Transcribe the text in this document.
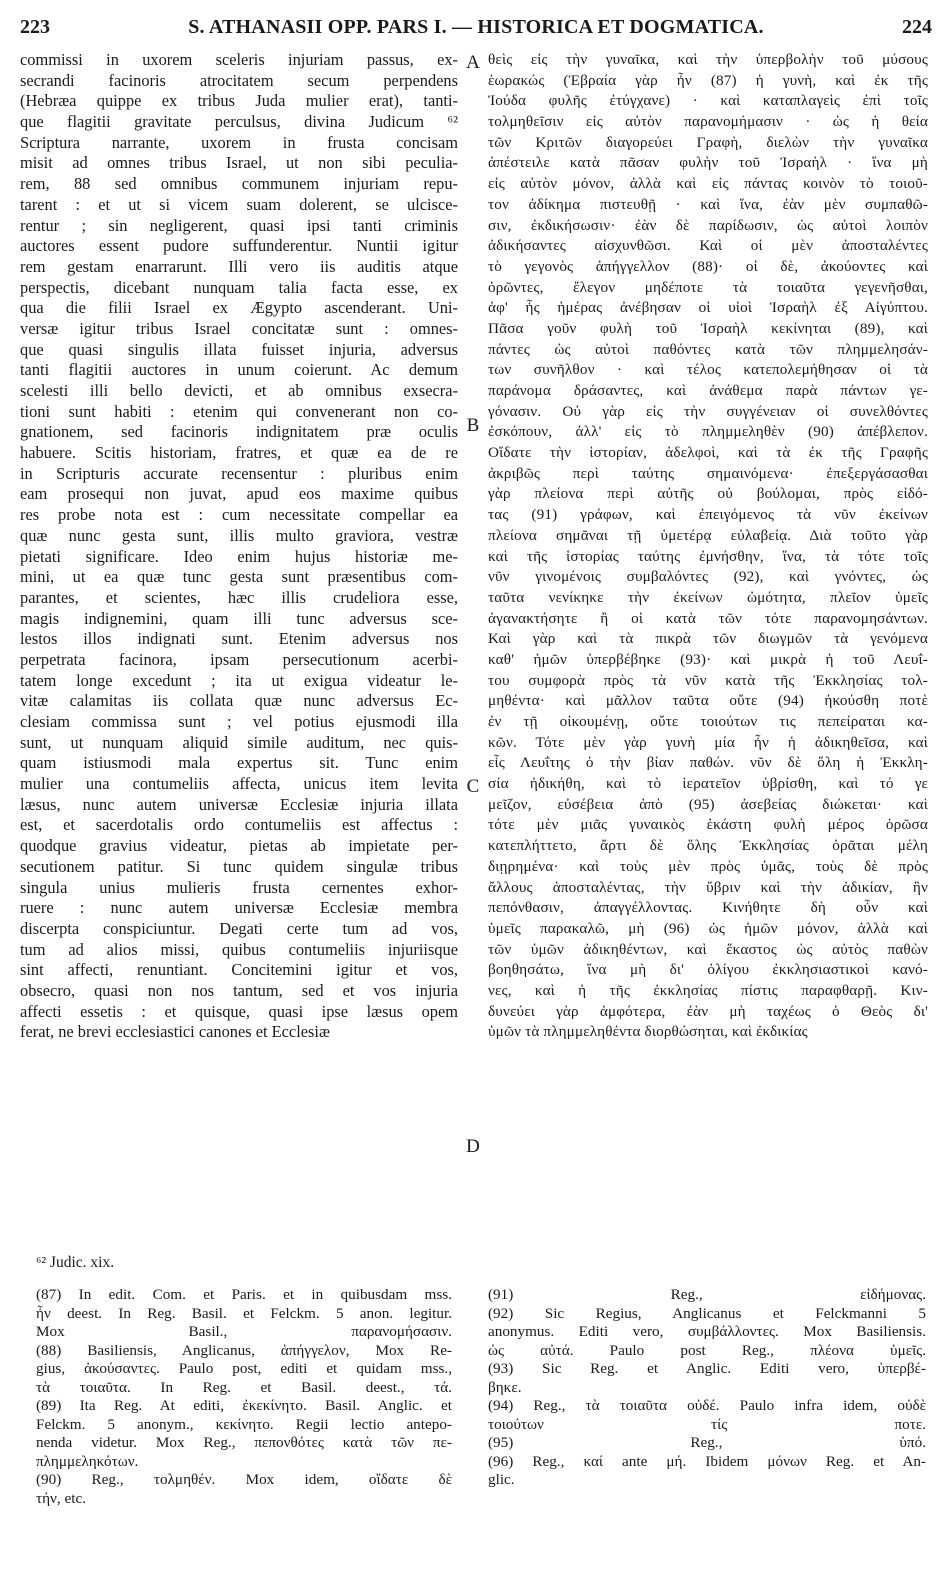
223	S. ATHANASII OPP. PARS I. — HISTORICA ET DOGMATICA.	224
commissi in uxorem sceleris injuriam passus, ex-
secrandi facinoris atrocitatem secum perpendens
(Hebræa quippe ex tribus Juda mulier erat), tanti-
que flagitii gravitate perculsus, divina Judicum ⁶²
Scriptura narrante, uxorem in frusta concisam
misit ad omnes tribus Israel, ut non sibi peculia-
rem, 88 sed omnibus communem injuriam repu-
tarent : et ut si vicem suam dolerent, se ulcisce-
rentur ; sin negligerent, quasi ipsi tanti criminis
auctores essent pudore suffunderentur. Nuntii igitur
rem gestam enarrarunt. Illi vero iis auditis atque
perspectis, dicebant nunquam talia facta esse, ex
qua die filii Israel ex Ægypto ascenderant. Uni-
versæ igitur tribus Israel concitatæ sunt : omnes-
que quasi singulis illata fuisset injuria, adversus
tanti flagitii auctores in unum coierunt. Ac demum
scelesti illi bello devicti, et ab omnibus exsecra-
tioni sunt habiti : etenim qui convenerant non co-
gnationem, sed facinoris indignitatem præ oculis
habuere. Scitis historiam, fratres, et quæ ea de re
in Scripturis accurate recensentur : pluribus enim
eam prosequi non juvat, apud eos maxime quibus
res probe nota est : cum necessitate compellar ea
quæ nunc gesta sunt, illis multo graviora, vestræ
pietati significare. Ideo enim hujus historiæ me-
mini, ut ea quæ tunc gesta sunt præsentibus com-
parantes, et scientes, hæc illis crudeliora esse,
magis indignemini, quam illi tunc adversus sce-
lestos illos indignati sunt. Etenim adversus nos
perpetrata facinora, ipsam persecutionum acerbi-
tatem longe excedunt ; ita ut exigua videatur le-
vitæ calamitas iis collata quæ nunc adversus Ec-
clesiam commissa sunt ; vel potius ejusmodi illa
sunt, ut nunquam aliquid simile auditum, nec quis-
quam istiusmodi mala expertus sit. Tunc enim
mulier una contumeliis affecta, unicus item levita
læsus, nunc autem universæ Ecclesiæ injuria illata
est, et sacerdotalis ordo contumeliis est affectus :
quodque gravius videatur, pietas ab impietate per-
secutionem patitur. Si tunc quidem singulæ tribus
singula unius mulieris frusta cernentes exhor-
ruere : nunc autem universæ Ecclesiæ membra
discerpta conspiciuntur. Degati certe tum ad vos,
tum ad alios missi, quibus contumeliis injuriisque
sint affecti, renuntiant. Concitemini igitur et vos,
obsecro, quasi non nos tantum, sed et vos injuria
affecti essetis : et quisque, quasi ipse læsus opem
ferat, ne brevi ecclesiastici canones et Ecclesiæ
A
B
C
D
θεὶς εἰς τὴν γυναῖκα, καὶ τὴν ὑπερβολὴν τοῦ μύσους
ἑωρακώς (Ἑβραία γὰρ ἦν (87) ἡ γυνὴ, καὶ ἐκ τῆς
Ἰούδα φυλῆς ἐτύγχανε) · καὶ καταπλαγεὶς ἐπὶ τοῖς
τολμηθεῖσιν εἰς αὐτὸν παρανομήμασιν · ὡς ἡ θεία
τῶν Κριτῶν διαγορεύει Γραφὴ, διελὼν τὴν γυναῖκα
ἀπέστειλε κατὰ πᾶσαν φυλὴν τοῦ Ἰσραὴλ · ἵνα μὴ
εἰς αὐτὸν μόνον, ἀλλὰ καὶ εἰς πάντας κοινὸν τὸ τοιοῦ-
τον ἀδίκημα πιστευθῇ · καὶ ἵνα, ἐὰν μὲν συμπαθῶ-
σιν, ἐκδικήσωσιν· ἐὰν δὲ παρίδωσιν, ὡς αὐτοὶ λοιπὸν
ἀδικήσαντες αἰσχυνθῶσι. Καὶ οἱ μὲν ἀποσταλέντες
τὸ γεγονὸς ἀπήγγελλον (88)· οἱ δὲ, ἀκούοντες καὶ
ὁρῶντες, ἔλεγον μηδέποτε τὰ τοιαῦτα γεγενῆσθαι,
ἀφ' ἧς ἡμέρας ἀνέβησαν οἱ υἱοὶ Ἰσραὴλ ἐξ Αἰγύπτου.
Πᾶσα γοῦν φυλὴ τοῦ Ἰσραὴλ κεκίνηται (89), καὶ
πάντες ὡς αὐτοὶ παθόντες κατὰ τῶν πλημμελησάν-
των συνῆλθον · καὶ τέλος κατεπολεμήθησαν οἱ τὰ
παράνομα δράσαντες, καὶ ἀνάθεμα παρὰ πάντων γε-
γόνασιν. Οὐ γὰρ εἰς τὴν συγγένειαν οἱ συνελθόντες
ἐσκόπουν, ἀλλ' εἰς τὸ πλημμεληθὲν (90) ἀπέβλεπον.
Οἴδατε τὴν ἱστορίαν, ἀδελφοὶ, καὶ τὰ ἐκ τῆς Γραφῆς
ἀκριβῶς περὶ ταύτης σημαινόμενα· ἐπεξεργάσασθαι
γὰρ πλείονα περὶ αὐτῆς οὐ βούλομαι, πρὸς εἰδό-
τας (91) γράφων, καὶ ἐπειγόμενος τὰ νῦν ἐκείνων
πλείονα σημᾶναι τῇ ὑμετέρᾳ εὐλαβείᾳ. Διὰ τοῦτο γὰρ
καὶ τῆς ἱστορίας ταύτης ἐμνήσθην, ἵνα, τὰ τότε τοῖς
νῦν γινομένοις συμβαλόντες (92), καὶ γνόντες, ὡς
ταῦτα νενίκηκε τὴν ἐκείνων ὠμότητα, πλεῖον ὑμεῖς
ἀγανακτήσητε ἢ οἱ κατὰ τῶν τότε παρανομησάντων.
Καὶ γὰρ καὶ τὰ πικρὰ τῶν διωγμῶν τὰ γενόμενα
καθ' ἡμῶν ὑπερβέβηκε (93)· καὶ μικρὰ ἡ τοῦ Λευΐ-
του συμφορὰ πρὸς τὰ νῦν κατὰ τῆς Ἐκκλησίας τολ-
μηθέντα· καὶ μᾶλλον ταῦτα οὔτε (94) ἠκούσθη ποτὲ
ἐν τῇ οἰκουμένῃ, οὔτε τοιούτων τις πεπείραται κα-
κῶν. Τότε μὲν γὰρ γυνὴ μία ἦν ἡ ἀδικηθεῖσα, καὶ
εἷς Λευΐτης ὁ τὴν βίαν παθών. νῦν δὲ ὅλη ἡ Ἐκκλη-
σία ἠδικήθη, καὶ τὸ ἱερατεῖον ὑβρίσθη, καὶ τό γε
μεῖζον, εὐσέβεια ἀπὸ (95) ἀσεβείας διώκεται· καὶ
τότε μὲν μιᾶς γυναικὸς ἑκάστη φυλὴ μέρος ὁρῶσα
κατεπλήττετο, ἄρτι δὲ ὅλης Ἐκκλησίας ὁρᾶται μέλη
διῃρημένα· καὶ τοὺς μὲν πρὸς ὑμᾶς, τοὺς δὲ πρὸς
ἄλλους ἀποσταλέντας, τὴν ὕβριν καὶ τὴν ἀδικίαν, ἣν
πεπόνθασιν, ἀπαγγέλλοντας. Κινήθητε δὴ οὖν καὶ
ὑμεῖς παρακαλῶ, μὴ (96) ὡς ἡμῶν μόνον, ἀλλὰ καὶ
τῶν ὑμῶν ἀδικηθέντων, καὶ ἕκαστος ὡς αὐτὸς παθὼν
βοηθησάτω, ἵνα μὴ δι' ὀλίγου ἐκκλησιαστικοὶ κανό-
νες, καὶ ἡ τῆς ἐκκλησίας πίστις παραφθαρῇ. Κιν-
δυνεύει γὰρ ἀμφότερα, ἐὰν μὴ ταχέως ὁ Θεὸς δι'
ὑμῶν τὰ πλημμεληθέντα διορθώσηται, καὶ ἐκδικίας
⁶² Judic. xix.
(87) In edit. Com. et Paris. et in quibusdam mss.
ἦν deest. In Reg. Basil. et Felckm. 5 anon. legitur.
Mox Basil., παρανομήσασιν.
(88) Basiliensis, Anglicanus, ἀπήγγελον, Mox Re-
gius, ἀκούσαντες. Paulo post, editi et quidam mss.,
τὰ τοιαῦτα. In Reg. et Basil. deest., τά.
(89) Ita Reg. At editi, ἐκεκίνητο. Basil. Anglic. et
Felckm. 5 anonym., κεκίνητο. Regii lectio antepo-
nenda videtur. Mox Reg., πεπονθότες κατὰ τῶν πε-
πλημμεληκότων.
(90) Reg., τολμηθέν. Mox idem, οἴδατε δὲ
τήν, etc.
(91) Reg., εἰδήμονας.
(92) Sic Regius, Anglicanus et Felckmanni 5
anonymus. Editi vero, συμβάλλοντες. Mox Basiliensis.
ὡς αὐτά. Paulo post Reg., πλέονα ὑμεῖς.
(93) Sic Reg. et Anglic. Editi vero, ὑπερβέ-
βηκε.
(94) Reg., τὰ τοιαῦτα οὐδέ. Paulo infra idem, οὐδὲ
τοιούτων τίς ποτε.
(95) Reg., ὑπό.
(96) Reg., καί ante μή. Ibidem μόνων Reg. et An-
glic.
